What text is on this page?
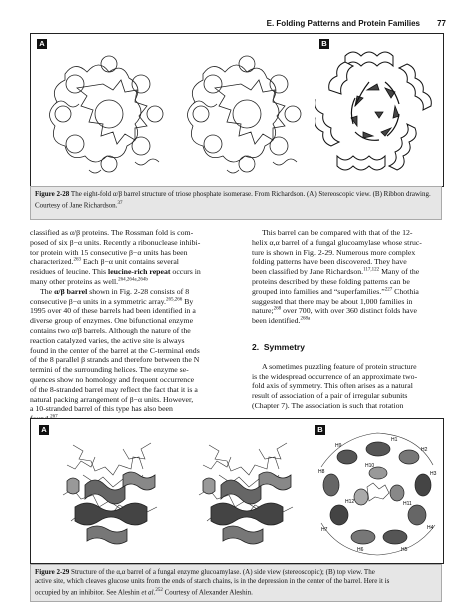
E. Folding Patterns and Protein Families 77
A	B
Figure 2-28 The eight-fold α/β barrel structure of triose phosphate isomerase. From Richardson. (A) Stereoscopic view. (B) Ribbon drawing. Courtesy of Jane Richardson.$^{37}$

classified as α/β proteins. The Rossman fold is com-

posed of six β−α units. Recently a ribonuclease inhibi-

tor protein with 15 consecutive β−α units has been

characterized.$^{263}$ Each β−α unit contains several

residues of leucine. This leucine-rich repeat occurs in

many other proteins as well.$^{264,264a,264b}$

The α/β barrel shown in Fig. 2-28 consists of 8

consecutive β−α units in a symmetric array.$^{265,266}$ By

1995 over 40 of these barrels had been identified in a

diverse group of enzymes. One bifunctional enzyme

contains two α/β barrels. Although the nature of the

reaction catalyzed varies, the active site is always

found in the center of the barrel at the C-terminal ends

of the 8 parallel β strands and therefore between the N

termini of the surrounding helices. The enzyme se-

quences show no homology and frequent occurrence

of the 8-stranded barrel may reflect the fact that it is a

natural packing arrangement of β−α units. However,

a 10-stranded barrel of this type has also been

This barrel can be compared with that of the 12-

helix α,α barrel of a fungal glucoamylase whose struc-

ture is shown in Fig. 2-29. Numerous more complex

folding patterns have been discovered. They have

been classified by Jane Richardson.$^{117,122}$ Many of the

proteins described by these folding patterns can be

grouped into families and “superfamilies.”$^{227}$ Chothia

suggested that there may be about 1,000 families in

nature;$^{268}$ over 700, with over 360 distinct folds have

been identified.$^{268a}$

2. Symmetry

A sometimes puzzling feature of protein structure

is the widespread occurrence of an approximate two-

fold axis of symmetry. This often arises as a natural

result of association of a pair of irregular subunits

(Chapter 7). The association is such that rotation

A	B
H1
H2
H3
H4
H5
H6
H7
H8
H9
H10
H11
H12
Figure 2-29 Structure of the α,α barrel of a fungal enzyme glucoamylase. (A) side view (stereoscopic); (B) top view. The
active site, which cleaves glucose units from the ends of starch chains, is in the depression in the center of the barrel. Here it is
occupied by an inhibitor. See Aleshin et al.$^{252}$ Courtesy of Alexander Aleshin.
